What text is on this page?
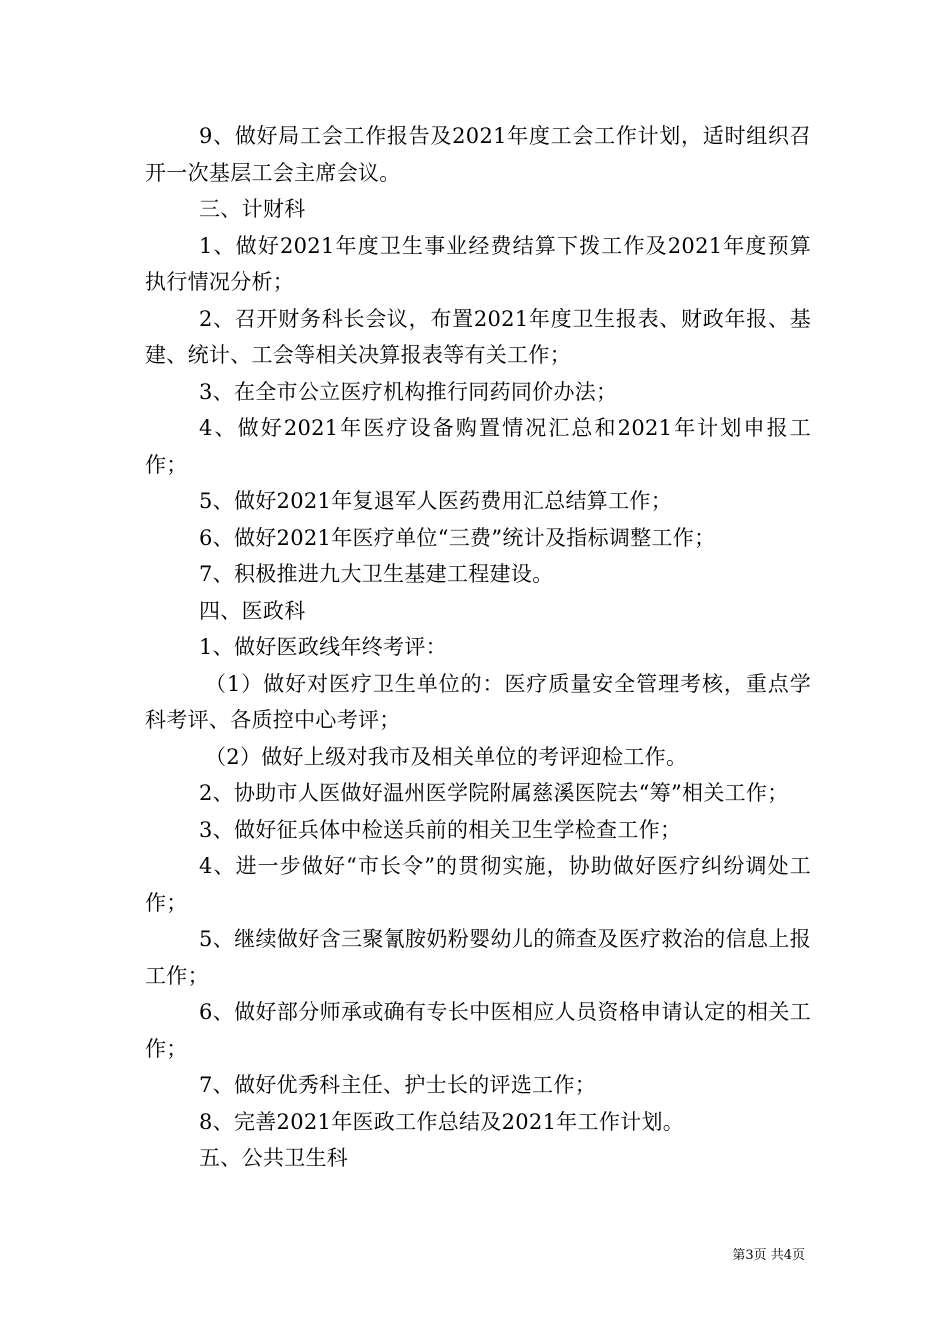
9、做好局工会工作报告及2021年度工会工作计划，适时组织召开一次基层工会主席会议。

三、计财科

1、做好2021年度卫生事业经费结算下拨工作及2021年度预算执行情况分析；

2、召开财务科长会议，布置2021年度卫生报表、财政年报、基建、统计、工会等相关决算报表等有关工作；

3、在全市公立医疗机构推行同药同价办法；

4、做好2021年医疗设备购置情况汇总和2021年计划申报工作；

5、做好2021年复退军人医药费用汇总结算工作；

6、做好2021年医疗单位“三费”统计及指标调整工作；

7、积极推进九大卫生基建工程建设。

四、医政科

1、做好医政线年终考评：

（1）做好对医疗卫生单位的：医疗质量安全管理考核，重点学科考评、各质控中心考评；

（2）做好上级对我市及相关单位的考评迎检工作。

2、协助市人医做好温州医学院附属慈溪医院去“筹”相关工作；

3、做好征兵体中检送兵前的相关卫生学检查工作；

4、进一步做好“市长令”的贯彻实施，协助做好医疗纠纷调处工作；

5、继续做好含三聚氰胺奶粉婴幼儿的筛查及医疗救治的信息上报工作；

6、做好部分师承或确有专长中医相应人员资格申请认定的相关工作；

7、做好优秀科主任、护士长的评选工作；

8、完善2021年医政工作总结及2021年工作计划。

五、公共卫生科

第3页 共4页
